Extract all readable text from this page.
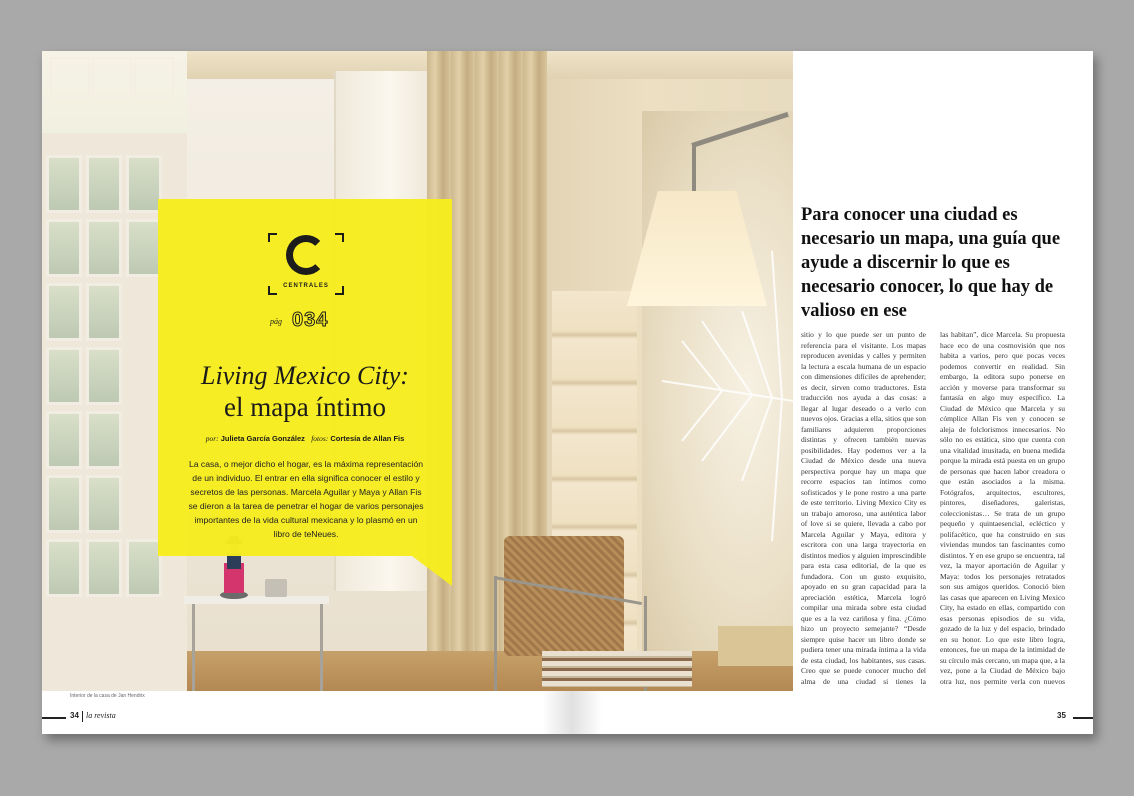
CENTRALES
pág 034
Living Mexico City:
el mapa íntimo
por: Julieta García González fotos: Cortesía de Allan Fis

La casa, o mejor dicho el hogar, es la máxima representación de un individuo. El entrar en ella significa conocer el estilo y secretos de las personas. Marcela Aguilar y Maya y Allan Fis se dieron a la tarea de penetrar el hogar de varios personajes importantes de la vida cultural mexicana y lo plasmó en un libro de teNeues.

Interior de la casa de Jan Hendrix
Para conocer una ciudad es necesario un mapa, una guía que ayude a discernir lo que es necesario conocer, lo que hay de valioso en ese
sitio y lo que puede ser un punto de referencia para el visitante. Los mapas reproducen avenidas y calles y permiten la lectura a escala humana de un espacio con dimensiones difíciles de aprehender; es decir, sirven como traductores. Esta traducción nos ayuda a das cosas: a llegar al lugar deseado o a verlo con nuevos ojos. Gracias a ella, sitios que son familiares adquieren proporciones distintas y ofrecen también nuevas posibilidades. Hay podemos ver a la Ciudad de México desde una nueva perspectiva porque hay un mapa que recorre espacios tan íntimos como sofisticados y le pone rostro a una parte de este territorio. Living Mexico City es un trabajo amoroso, una auténtica labor of love si se quiere, llevada a cabo por Marcela Aguilar y Maya, editora y escritora con una larga trayectoria en distintos medios y alguien imprescindible para esta casa editorial, de la que es fundadora. Con un gusto exquisito, apoyado en su gran capacidad para la apreciación estética, Marcela logró compilar una mirada sobre esta ciudad que es a la vez cariñosa y fina. ¿Cómo hizo un proyecto semejante? “Desde siempre quise hacer un libro donde se pudiera tener una mirada íntima a la vida de esta ciudad, los habitantes, sus casas. Creo que se puede conocer mucho del alma de una ciudad si tienes la
las habitan”, dice Marcela. Su propuesta hace eco de una cosmovisión que nos habita a varios, pero que pocas veces podemos convertir en realidad. Sin embargo, la editora supo ponerse en acción y moverse para transformar su fantasía en algo muy específico. La Ciudad de México que Marcela y su cómplice Allan Fis ven y conocen se aleja de folclorismos innecesarios. No sólo no es estática, sino que cuenta con una vitalidad inusitada, en buena medida porque la mirada está puesta en un grupo de personas que hacen labor creadora o que están asociados a la misma. Fotógrafos, arquitectos, escultores, pintores, diseñadores, galeristas, coleccionistas… Se trata de un grupo pequeño y quintaesencial, ecléctico y polifacético, que ha construido en sus viviendas mundos tan fascinantes como distintos. Y en ese grupo se encuentra, tal vez, la mayor aportación de Aguilar y Maya: todos los personajes retratados son sus amigos queridos. Conoció bien las casas que aparecen en Living Mexico City, ha estado en ellas, compartido con esas personas episodios de su vida, gozado de la luz y del espacio, brindado en su honor. Lo que este libro logra, entonces, fue un mapa de la intimidad de su círculo más cercano, un mapa que, a la vez, pone a la Ciudad de México bajo otra luz, nos permite verla con nuevos
34 la revista	35
